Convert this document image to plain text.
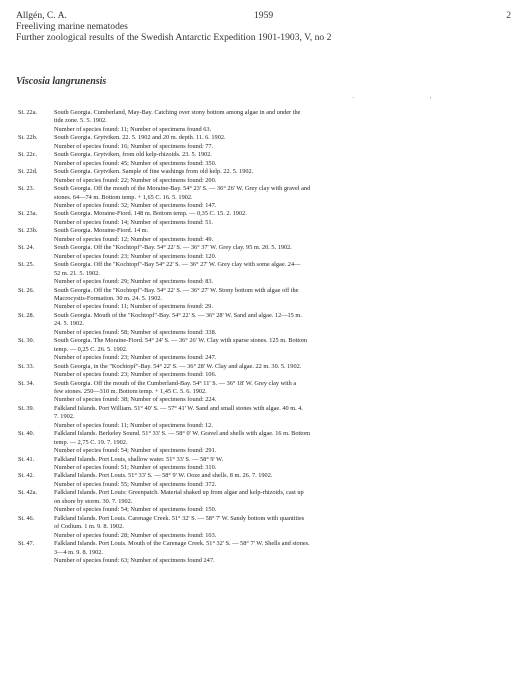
Allgén, C. A.	1959	2
Freeliving marine nematodes
Further zoological results of the Swedish Antarctic Expedition 1901-1903, V, no 2
Viscosia langrunensis
`	'
St. 22a.	South Georgia. Cumberland, May-Bay. Catching over stony bottom among algae in and under the
tide zone. 5. 5. 1902.
Number of species found: 11; Number of specimens found 63.
St. 22b.	South Georgia. Grytviken. 22. 5. 1902 and 20 m. depth. 11. 6. 1902.
Number of species found: 16; Number of specimens found: 77.
St. 22c.	South Georgia. Grytviken, from old kelp-rhizoids. 23. 5. 1902.
Number of species found: 45; Number of specimens found: 350.
St. 22d.	South Georgia. Grytviken. Sample of fine washings from old kelp. 22. 5. 1902.
Number of species found: 22; Number of specimens found: 200.
St. 23.	South Georgia. Off the mouth of the Moraine-Bay. 54° 23' S. — 36° 26' W. Grey clay with gravel and
stones. 64—74 m. Bottom temp. + 1,65 C. 16. 5. 1902.
Number of species found: 32; Number of specimens found: 147.
St. 23a.	South Georgia. Moraine-Fiord. 148 m. Bottom temp. — 0,35 C. 15. 2. 1902.
Number of species found: 14; Number of specimens found: 51.
St. 23b.	South Georgia. Moraine-Fiord. 14 m.
Number of species found: 12; Number of specimens found: 49.
St. 24.	South Georgia. Off the "Kochtopf"-Bay. 54° 22' S. — 36° 37' W. Grey clay. 95 m. 20. 5. 1902.
Number of species found: 23; Number of specimens found: 120.
St. 25.	South Georgia. Off the "Kochtopf"-Bay 54° 22' S. — 36° 27' W. Grey clay with some algae. 24—
52 m. 21. 5. 1902.
Number of species found: 29; Number of specimens found: 83.
St. 26.	South Georgia. Off the "Kochtopf"-Bay. 54° 22' S. — 36° 27' W. Stony bottom with algae off the
Macrocystis-Formation. 30 m. 24. 5. 1902.
Number of species found: 11; Number of specimens found: 29.
St. 28.	South Georgia. Mouth of the "Kochtopf"-Bay. 54° 22' S. — 36° 28' W. Sand and algae. 12—15 m.
24. 5. 1902.
Number of species found: 58; Number of specimens found: 338.
St. 30.	South Georgia. The Moraine-Fiord. 54° 24' S. — 36° 26' W. Clay with sparse stones. 125 m. Bottom
temp. — 0,25 C. 26. 5. 1902.
Number of species found: 23; Number of specimens found: 247.
St. 33.	South Georgia, in the "Kochtopf"-Bay. 54° 22' S. — 36° 28' W. Clay and algae. 22 m. 30. 5. 1902.
Number of species found: 23; Number of specimens found: 106.
St. 34.	South Georgia. Off the mouth of the Cumberland-Bay. 54° 11' S. — 36° 18' W. Grey clay with a
few stones. 250—310 m. Bottom temp. + 1,45 C. 5. 6. 1902.
Number of species found: 38; Number of specimens found: 224.
St. 39.	Falkland Islands. Port William. 51° 40' S. — 57° 41' W. Sand and small stones with algae. 40 m. 4.
7. 1902.
Number of species found: 11; Number of specimens found: 12.
St. 40.	Falkland Islands. Berkeley Sound. 51° 33' S. — 58° 0' W. Gravel and shells with algae. 16 m. Bottom
temp. — 2,75 C. 19. 7. 1902.
Number of species found: 54; Number of specimens found: 291.
St. 41.	Falkland Islands. Port Louis, shallow water. 51° 33' S. — 58° 9' W.
Number of species found: 51; Number of specimens found: 310.
St. 42.	Falkland Islands. Port Louis. 51° 33' S. — 58° 9' W. Ooze and shells. 8 m. 26. 7. 1902.
Number of species found: 55; Number of specimens found: 372.
St. 42a.	Falkland Islands. Port Louis: Greenpatch. Material shaked up from algae and kelp-rhizoids, cast up
on shore by storm. 30. 7. 1902.
Number of species found: 54; Number of specimens found: 150.
St. 46.	Falkland Islands. Port Louis. Carenage Creek. 51° 32' S. — 58° 7' W. Sandy bottom with quantities
of Codium. 1 m. 9. 8. 1902.
Number of species found: 28; Number of specimens found: 103.
St. 47.	Falkland Islands. Port Louis. Mouth of the Carenage Creek. 51° 32' S. — 58° 7' W. Shells and stones.
3—4 m. 9. 8. 1902.
Number of species found: 63; Number of specimens found 247.
